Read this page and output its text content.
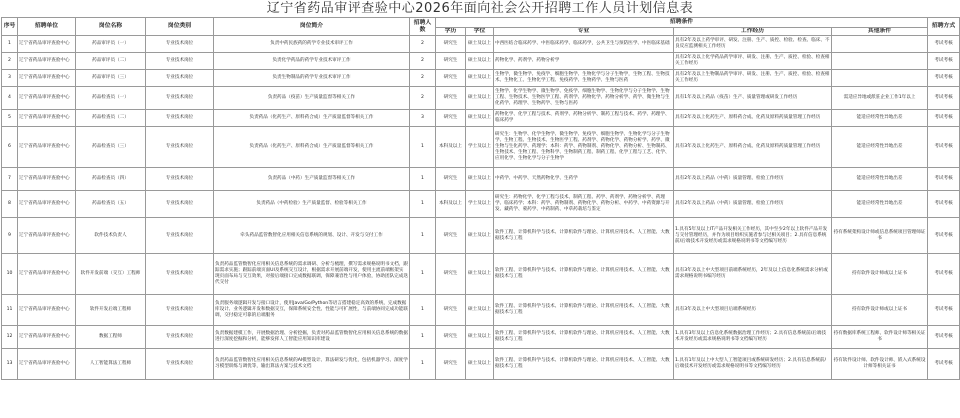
辽宁省药品审评查验中心2026年面向社会公开招聘工作人员计划信息表
序号	招聘单位	岗位名称	岗位类别	岗位简介	招聘人数	招聘条件					招聘方式
						学历	学位	专业	工作经历	其他条件	
1	辽宁省药品审评查验中心	药品审评员（一）	专业技术岗位	负责中药民族药的药学专业技术审评工作	2	研究生	硕士及以上	中西医结合临床药学、中医临床药学、临床药学，公共卫生与预防医学、中医临床基础	具有2年及以上药学审评、研发、注册、生产、质控、检验、检查、临床、不良反应监测相关工作经历		考试考核
2	辽宁省药品审评查验中心	药品审评员（二）	专业技术岗位	负责化学药品的药学专业技术审评工作	2	研究生	硕士及以上	药物化学、药剂学、药物分析学	具有2年及以上化学药品药学审评、研发、注册、生产、质控、检验、检查相关工作经历		考试考核
3	辽宁省药品审评查验中心	药品审评员（三）	专业技术岗位	负责生物制品的药学专业技术审评工作	2	研究生	硕士及以上	生物学，微生物学、免疫学、细胞生物学、生物化学与分子生物学，生物工程、生物技术、生物化工、生物化学工程、免疫药学、生物药学、生物与医药	具有2年及以上生物制品药学审评、研发、注册、生产、质控、检验、检查相关工作经历		考试考核
4	辽宁省药品审评查验中心	药品检查员（一）	专业技术岗位	负责药品（疫苗）生产质量监督等相关工作	2	研究生	硕士及以上	生物学、化学生物学、微生物学、免疫学、细胞生物学、生物化学与分子生物学、生物工程、生物技术、生物医学工程、药剂学、药物化学、药物分析学、药学、微生物与生化药学、药理学、生物药学、生物与医药	具有1年及以上药品（疫苗）生产、质量管理或研发工作经历	需适应异地或派驻企业工作1年以上	考试考核
5	辽宁省药品审评查验中心	药品检查员（二）	专业技术岗位	负责药品（化药生产、原料药合成）生产质量监督等相关工作	3	研究生	硕士及以上	药物化学、化学工程与技术、药剂学、药物分析学、制药工程与技术、药学、药理学、临床药学	具有2年及以上化药生产、原料药合成、化药及原料药质量管理工作经历	能适应经常性异地出差	考试考核
6	辽宁省药品审评查验中心	药品检查员（三）	专业技术岗位	负责药品（化药生产、原料药合成）生产质量监督等相关工作	1	本科及以上	学士及以上	研究生：生物学、化学生物学、微生物学、免疫学、细胞生物学、生物化学与分子生物学、生物工程、生物技术、生物医学工程、药剂学、药物化学、药物分析学、药学、微生物与生化药学、药理学；本科：药学、药物制剂、药物化学、药物分析、生物制药、生物技术、生物工程、生物科学、生物制药工程、制药工程、化学工程与工艺、化学、应用化学、生物化学与分子生物学	具有3年及以上化药生产、原料药合成、化药及原料药质量管理工作经历	能适应经常性异地出差	考试考核
7	辽宁省药品审评查验中心	药品检查员（四）	专业技术岗位	负责药品（中药）生产质量监督等相关工作	1	研究生	硕士及以上	中药学、中药学、天然药物化学、生药学	具有2年及以上药品（中药）质量管理、检验工作经历	能适应经常性异地出差	考试考核
8	辽宁省药品审评查验中心	药品检查员（五）	专业技术岗位	负责药品（中药检验）生产质量监督、检验等相关工作	1	本科及以上	学士及以上	研究生：药物化学、化学工程与技术、制药工程、药学、药剂学、药物分析学、药理学、临床药学；本科：药学、药物制剂、药物化学、药物分析、中药学、中药资源与开发、藏药学、蒙药学、中药制药、中草药栽培与鉴定	具有2年及以上药品（中药）质量管理、检验工作经历	能适应经常性异地出差	考试考核
9	辽宁省药品审评查验中心	软件技术负责人	专业技术岗位	牵头药品监管数智化应用相关信息系统的规划、设计、开发与交付工作	1	研究生	硕士及以上	软件工程、计算机科学与技术、计算机软件与理论、计算机应用技术、人工智能、大数据技术与工程	1.具有5年及以上IT产品开发相关工作经历，其中至少2年以上软件产品开发与交付管理经历，并作为项目组织实施者参与过相关项目；2.具有信息系统前/后端技术开发经历或需求规格说明书等文档编写经历	持有系统架构设计师或信息系统项目管理师证书	考试考核
10	辽宁省药品审评查验中心	软件开发前端（交互）工程师	专业技术岗位	负责药品监管数智化应用相关信息系统的需求调研、分析与梳理，撰写需求规格说明书文档，跟踪需求实施；跟踪前端页面UI及系统交互设计，根据需求开展前端开发，使用主流前端框架实现页面布局与交互效果，对接后端接口完成数据联调，保障兼容性与用户体验，协助团队完成迭代交付	1	研究生	硕士及以上	软件工程、计算机科学与技术、计算机软件与理论、计算机应用技术、人工智能、大数据技术与工程	具有3年及以上中大型项目前端系统经历，2年及以上信息化系统需求分析或需求规格说明书编写经历	持有软件设计师或以上证书	考试考核
11	辽宁省药品审评查验中心	软件开发后端工程师	专业技术岗位	负责服务端逻辑开发与接口设计，使用Java/Go/Python等语言搭建稳定高效的系统，完成数据库设计、业务逻辑开发和数据交互，保障系统安全性、性能与可扩展性，与前端协同完成功能联调，交付稳定可靠的后端服务	1	研究生	硕士及以上	软件工程、计算机科学与技术、计算机软件与理论、计算机应用技术、人工智能、大数据技术与工程	具有3年及以上中大型项目后端系统经历	持有软件设计师或以上证书	考试考核
12	辽宁省药品审评查验中心	数据工程师	专业技术岗位	负责数据建模工作，开展数据治理、分析挖掘，负责对药品监管数智化应用相关信息系统的数据进行深度挖掘和分析，能够发挥人工智能应用知识库建设	1	研究生	硕士及以上	软件工程、计算机科学与技术、计算机软件与理论、计算机应用技术、人工智能、大数据技术与工程	1.具有3年及以上信息化系统数据治理工作经历；2.具有信息系统前/后端技术开发经历或需求规格说明书等文档编写经历	持有数据库系统工程师、软件设计师等相关证书	考试考核
13	辽宁省药品审评查验中心	人工智能算法工程师	专业技术岗位	负责药品监管数智化应用相关信息系统的AI模型设计、算法研发与优化，包括机器学习、深度学习模型训练与调优等，输出算法方案与技术文档	1	研究生	硕士及以上	软件工程、计算机科学与技术、计算机软件与理论、计算机应用技术、人工智能、大数据技术与工程	1.具有1年及以上中大型人工智能项目或系统研发经历；2.具有信息系统前/后端技术开发经历或需求规格说明书等文档编写经历	持有软件设计师、软件设计师、嵌入式系统设计师等相关证书	考试考核
